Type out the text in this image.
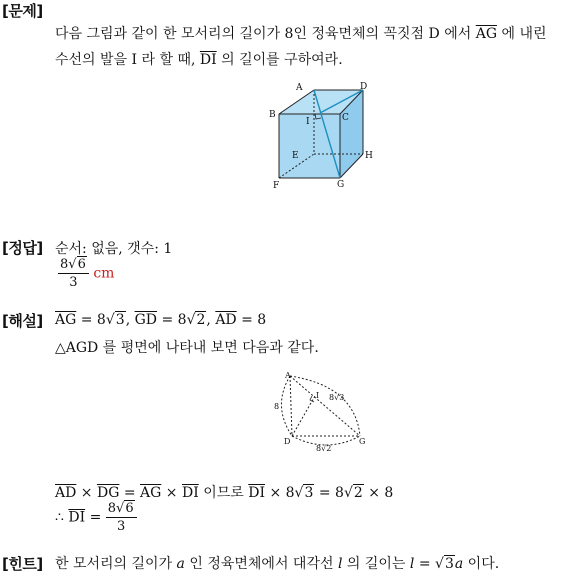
[문제]
다음 그림과 같이 한 모서리의 길이가 8인 정육면체의 꼭짓점 D 에서 $\overline{AG}$ 에 내린
수선의 발을 I 라 할 때, $\overline{DI}$ 의 길이를 구하여라.
A	D
B
I	C
E	H
F	G
[정답] 순서: 없음, 갯수: 1
$\frac{8√6}{3}$ cm
[해설] $\overline{AG} = 8√3$, $\overline{GD} = 8√2$, $\overline{AD} = 8$
△AGD 를 평면에 나타내 보면 다음과 같다.
A
I
D	G
8
8√3
8√2
$\overline{AD} \times \overline{DG} = \overline{AG} \times \overline{DI}$ 이므로 $\overline{DI} \times 8√3 = 8√2 \times 8$
∴ $\overline{DI} = \frac{8√6}{3}$
[힌트] 한 모서리의 길이가 a 인 정육면체에서 대각선 l 의 길이는 l = √3a 이다.
